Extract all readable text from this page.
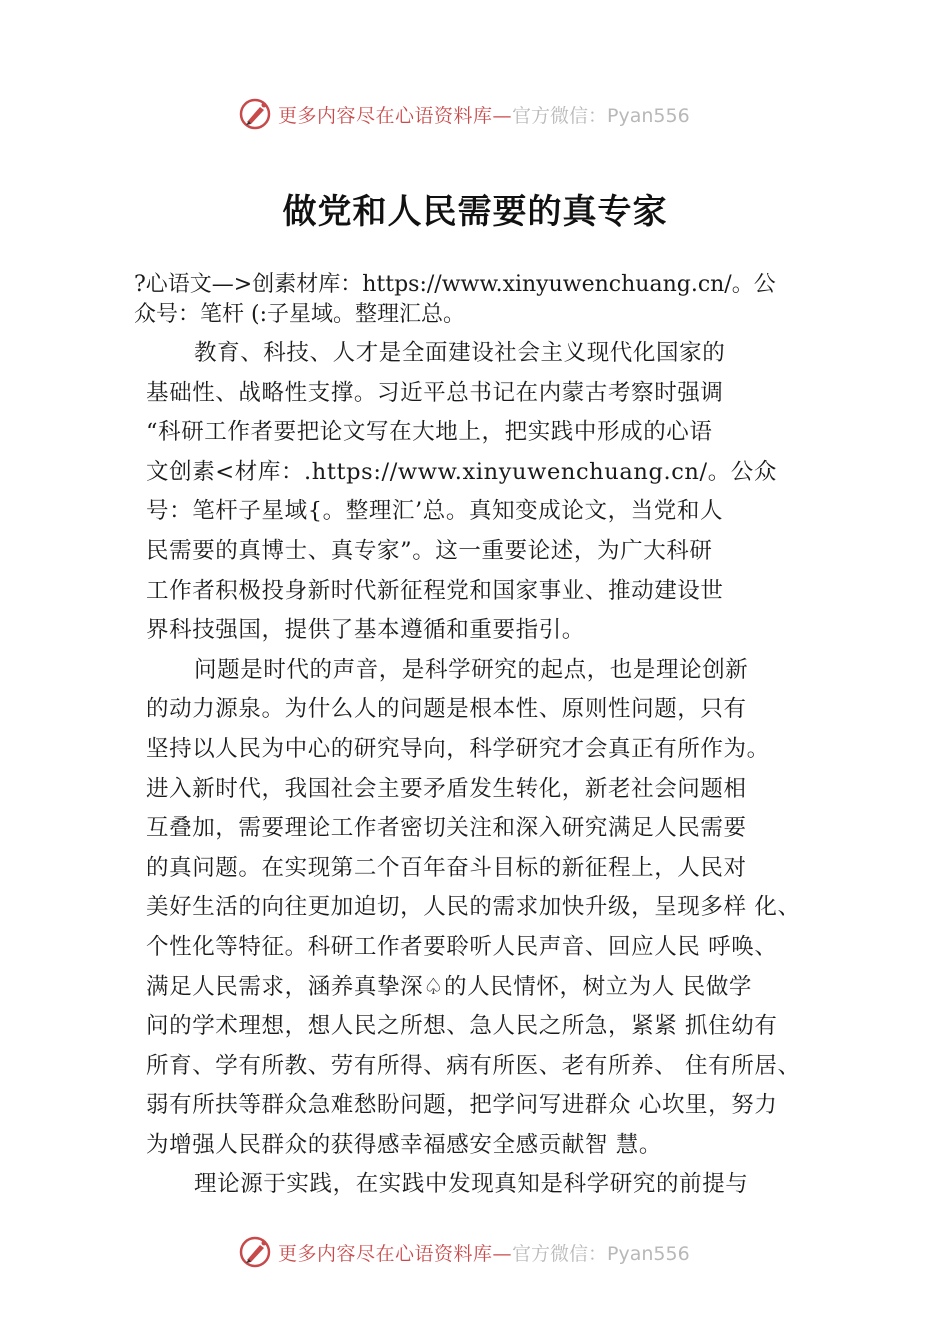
更多内容尽在心语资料库— 官方微信：Pyan556
做党和人民需要的真专家
?心语文—>创素材库：https://www.xinyuwenchuang.cn/。公
众号：笔杆 (:子星域。整理汇总。
教育、科技、人才是全面建设社会主义现代化国家的
基础性、战略性支撑。习近平总书记在内蒙古考察时强调
“科研工作者要把论文写在大地上，把实践中形成的心语
文创素<材库：.https://www.xinyuwenchuang.cn/。公众
号：笔杆子星域{。整理汇’总。真知变成论文，当党和人
民需要的真博士、真专家”。这一重要论述，为广大科研
工作者积极投身新时代新征程党和国家事业、推动建设世
界科技强国，提供了基本遵循和重要指引。
问题是时代的声音，是科学研究的起点，也是理论创新
的动力源泉。为什么人的问题是根本性、原则性问题，只有
坚持以人民为中心的研究导向，科学研究才会真正有所作为。
进入新时代，我国社会主要矛盾发生转化，新老社会问题相
互叠加，需要理论工作者密切关注和深入研究满足人民需要
的真问题。在实现第二个百年奋斗目标的新征程上，人民对
美好生活的向往更加迫切，人民的需求加快升级，呈现多样 化、
个性化等特征。科研工作者要聆听人民声音、回应人民 呼唤、
满足人民需求，涵养真挚深♤的人民情怀，树立为人 民做学
问的学术理想，想人民之所想、急人民之所急，紧紧 抓住幼有
所育、学有所教、劳有所得、病有所医、老有所养、 住有所居、
弱有所扶等群众急难愁盼问题，把学问写进群众 心坎里，努力
为增强人民群众的获得感幸福感安全感贡献智 慧。
理论源于实践，在实践中发现真知是科学研究的前提与
更多内容尽在心语资料库— 官方微信：Pyan556
